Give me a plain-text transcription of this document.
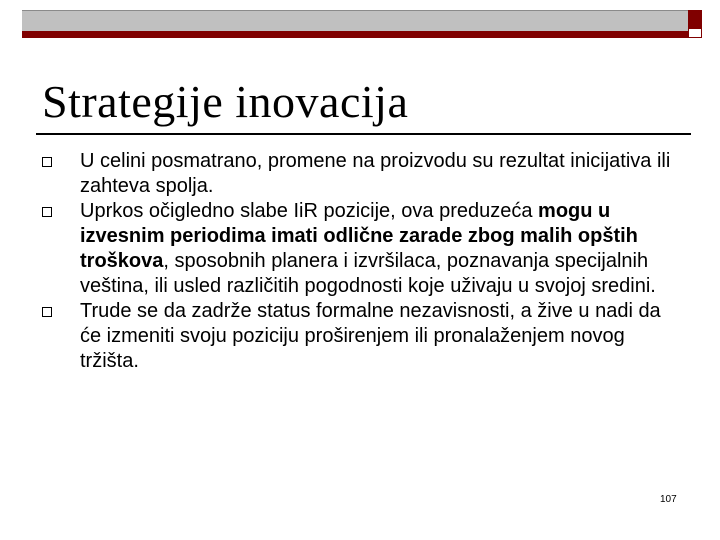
Strategije inovacija
U celini posmatrano, promene na proizvodu su rezultat inicijativa ili zahteva spolja.
Uprkos očigledno slabe IiR pozicije, ova preduzeća mogu u izvesnim periodima imati odlične zarade zbog malih opštih troškova, sposobnih planera i izvršilaca, poznavanja specijalnih veština, ili usled različitih pogodnosti koje uživaju u svojoj sredini.
Trude se da zadrže status formalne nezavisnosti, a žive u nadi da će izmeniti svoju poziciju proširenjem ili pronalaženjem novog tržišta.
107
